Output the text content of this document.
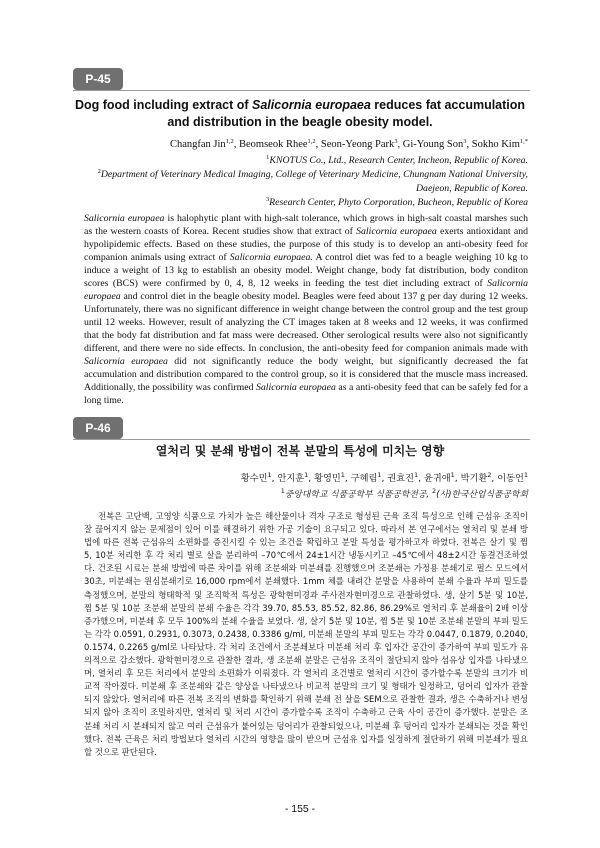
P-45
Dog food including extract of Salicornia europaea reduces fat accumulation and distribution in the beagle obesity model.
Changfan Jin$^{1,2}$, Beomseok Rhee$^{1,2}$, Seon-Yeong Park$^3$, Gi-Young Son$^3$, Sokho Kim$^{1,*}$
$^1$KNOTUS Co., Ltd., Research Center, Incheon, Republic of Korea.
$^2$Department of Veterinary Medical Imaging, College of Veterinary Medicine, Chungnam National University, Daejeon, Republic of Korea.
$^3$Research Center, Phyto Corporation, Bucheon, Republic of Korea

Salicornia europaea is halophytic plant with high-salt tolerance, which grows in high-salt coastal marshes such as the western coasts of Korea. Recent studies show that extract of Salicornia europaea exerts antioxidant and hypolipidemic effects. Based on these studies, the purpose of this study is to develop an anti-obesity feed for companion animals using extract of Salicornia europaea. A control diet was fed to a beagle weighing 10 kg to induce a weight of 13 kg to establish an obesity model. Weight change, body fat distribution, body conditon scores (BCS) were confirmed by 0, 4, 8, 12 weeks in feeding the test diet including extract of Salicornia europaea and control diet in the beagle obesity model. Beagles were feed about 137 g per day during 12 weeks. Unfortunately, there was no significant difference in weight change between the control group and the test group until 12 weeks. However, result of analyzing the CT images taken at 8 weeks and 12 weeks, it was confirmed that the body fat distribution and fat mass were decreased. Other serological results were also not significantly different, and there were no side effects. In conclusion, the anti-obesity feed for companion animals made with Salicornia europaea did not significantly reduce the body weight, but significantly decreased the fat accumulation and distribution compared to the control group, so it is considered that the muscle mass increased. Additionally, the possibility was confirmed Salicornia europaea as a anti-obesity feed that can be safely fed for a long time.

P-46
열처리 및 분쇄 방법이 전복 분말의 특성에 미치는 영향
황수민$^1$, 안지훈$^1$, 황영민$^1$, 구혜림$^1$, 권효진$^1$, 윤귀애$^1$, 박기환$^2$, 이동언$^1$
$^1$중앙대학교 식품공학부 식품공학전공, $^2$(사)한국산업식품공학회

전복은 고단백, 고영양 식품으로 가치가 높은 해산물이나 격자 구조로 형성된 근육 조직 특성으로 인해 근섬유 조직이 잘 끊어지지 않는 문제점이 있어 이를 해결하기 위한 가공 기술이 요구되고 있다. 따라서 본 연구에서는 열처리 및 분쇄 방법에 따른 전복 근섬유의 소편화를 증진시킬 수 있는 조건을 확립하고 분말 특성을 평가하고자 하였다. 전복은 살기 및 찜 5, 10분 처리한 후 각 처리 별로 살을 분리하여 –70℃에서 24±1시간 냉동시키고 –45℃에서 48±2시간 동결건조하였다. 건조된 시료는 분쇄 방법에 따른 차이를 위해 조분쇄와 미분쇄를 진행했으며 조분쇄는 가정용 분쇄기로 펄스 모드에서 30초, 미분쇄는 원심분쇄기로 16,000 rpm에서 분쇄했다. 1mm 체를 내려간 분말을 사용하여 분쇄 수율과 부피 밀도를 측정했으며, 분말의 형태학적 및 조직학적 특성은 광학현미경과 주사전자현미경으로 관찰하였다. 생, 살기 5분 및 10분, 찜 5분 및 10분 조분쇄 분말의 분쇄 수율은 각각 39.70, 85.53, 85.52, 82.86, 86.29%로 열처리 후 분쇄율이 2배 이상 증가했으며, 미분쇄 후 모두 100%의 분쇄 수율을 보였다. 생, 살기 5분 및 10분, 찜 5분 및 10분 조분쇄 분말의 부피 밀도는 각각 0.0591, 0.2931, 0.3073, 0.2438, 0.3386 g/ml, 미분쇄 분말의 부피 밀도는 각각 0.0447, 0.1879, 0.2040, 0.1574, 0.2265 g/ml로 나타났다. 각 처리 조건에서 조분쇄보다 미분쇄 처리 후 입자간 공간이 증가하여 부피 밀도가 유의적으로 감소했다. 광학현미경으로 관찰한 결과, 생 조분쇄 분말은 근섬유 조직이 절단되지 않아 섬유상 입자를 나타냈으며, 열처리 후 모든 처리에서 분말의 소편화가 이뤄졌다. 각 열처리 조건별로 열처리 시간이 증가할수록 분말의 크기가 비교적 작아졌다. 미분쇄 후 조분쇄와 같은 양상을 나타냈으나 비교적 분말의 크기 및 형태가 일정하고, 덩어리 입자가 관찰되지 않았다. 열처리에 따른 전복 조직의 변화를 확인하기 위해 분쇄 전 살을 SEM으로 관찰한 결과, 생은 수축하거나 변성되지 않아 조직이 조밀하지만, 열처리 및 처리 시간이 증가할수록 조직이 수축하고 근육 사이 공간이 증가했다. 분말은 조분쇄 처리 시 분쇄되지 않고 여러 근섬유가 붙어있는 덩어리가 관찰되었으나, 미분쇄 후 덩어리 입자가 분쇄되는 것을 확인했다. 전복 근육은 처리 방법보다 열처리 시간의 영향을 많이 받으며 근섬유 입자를 일정하게 절단하기 위해 미분쇄가 필요할 것으로 판단된다.

- 155 -
